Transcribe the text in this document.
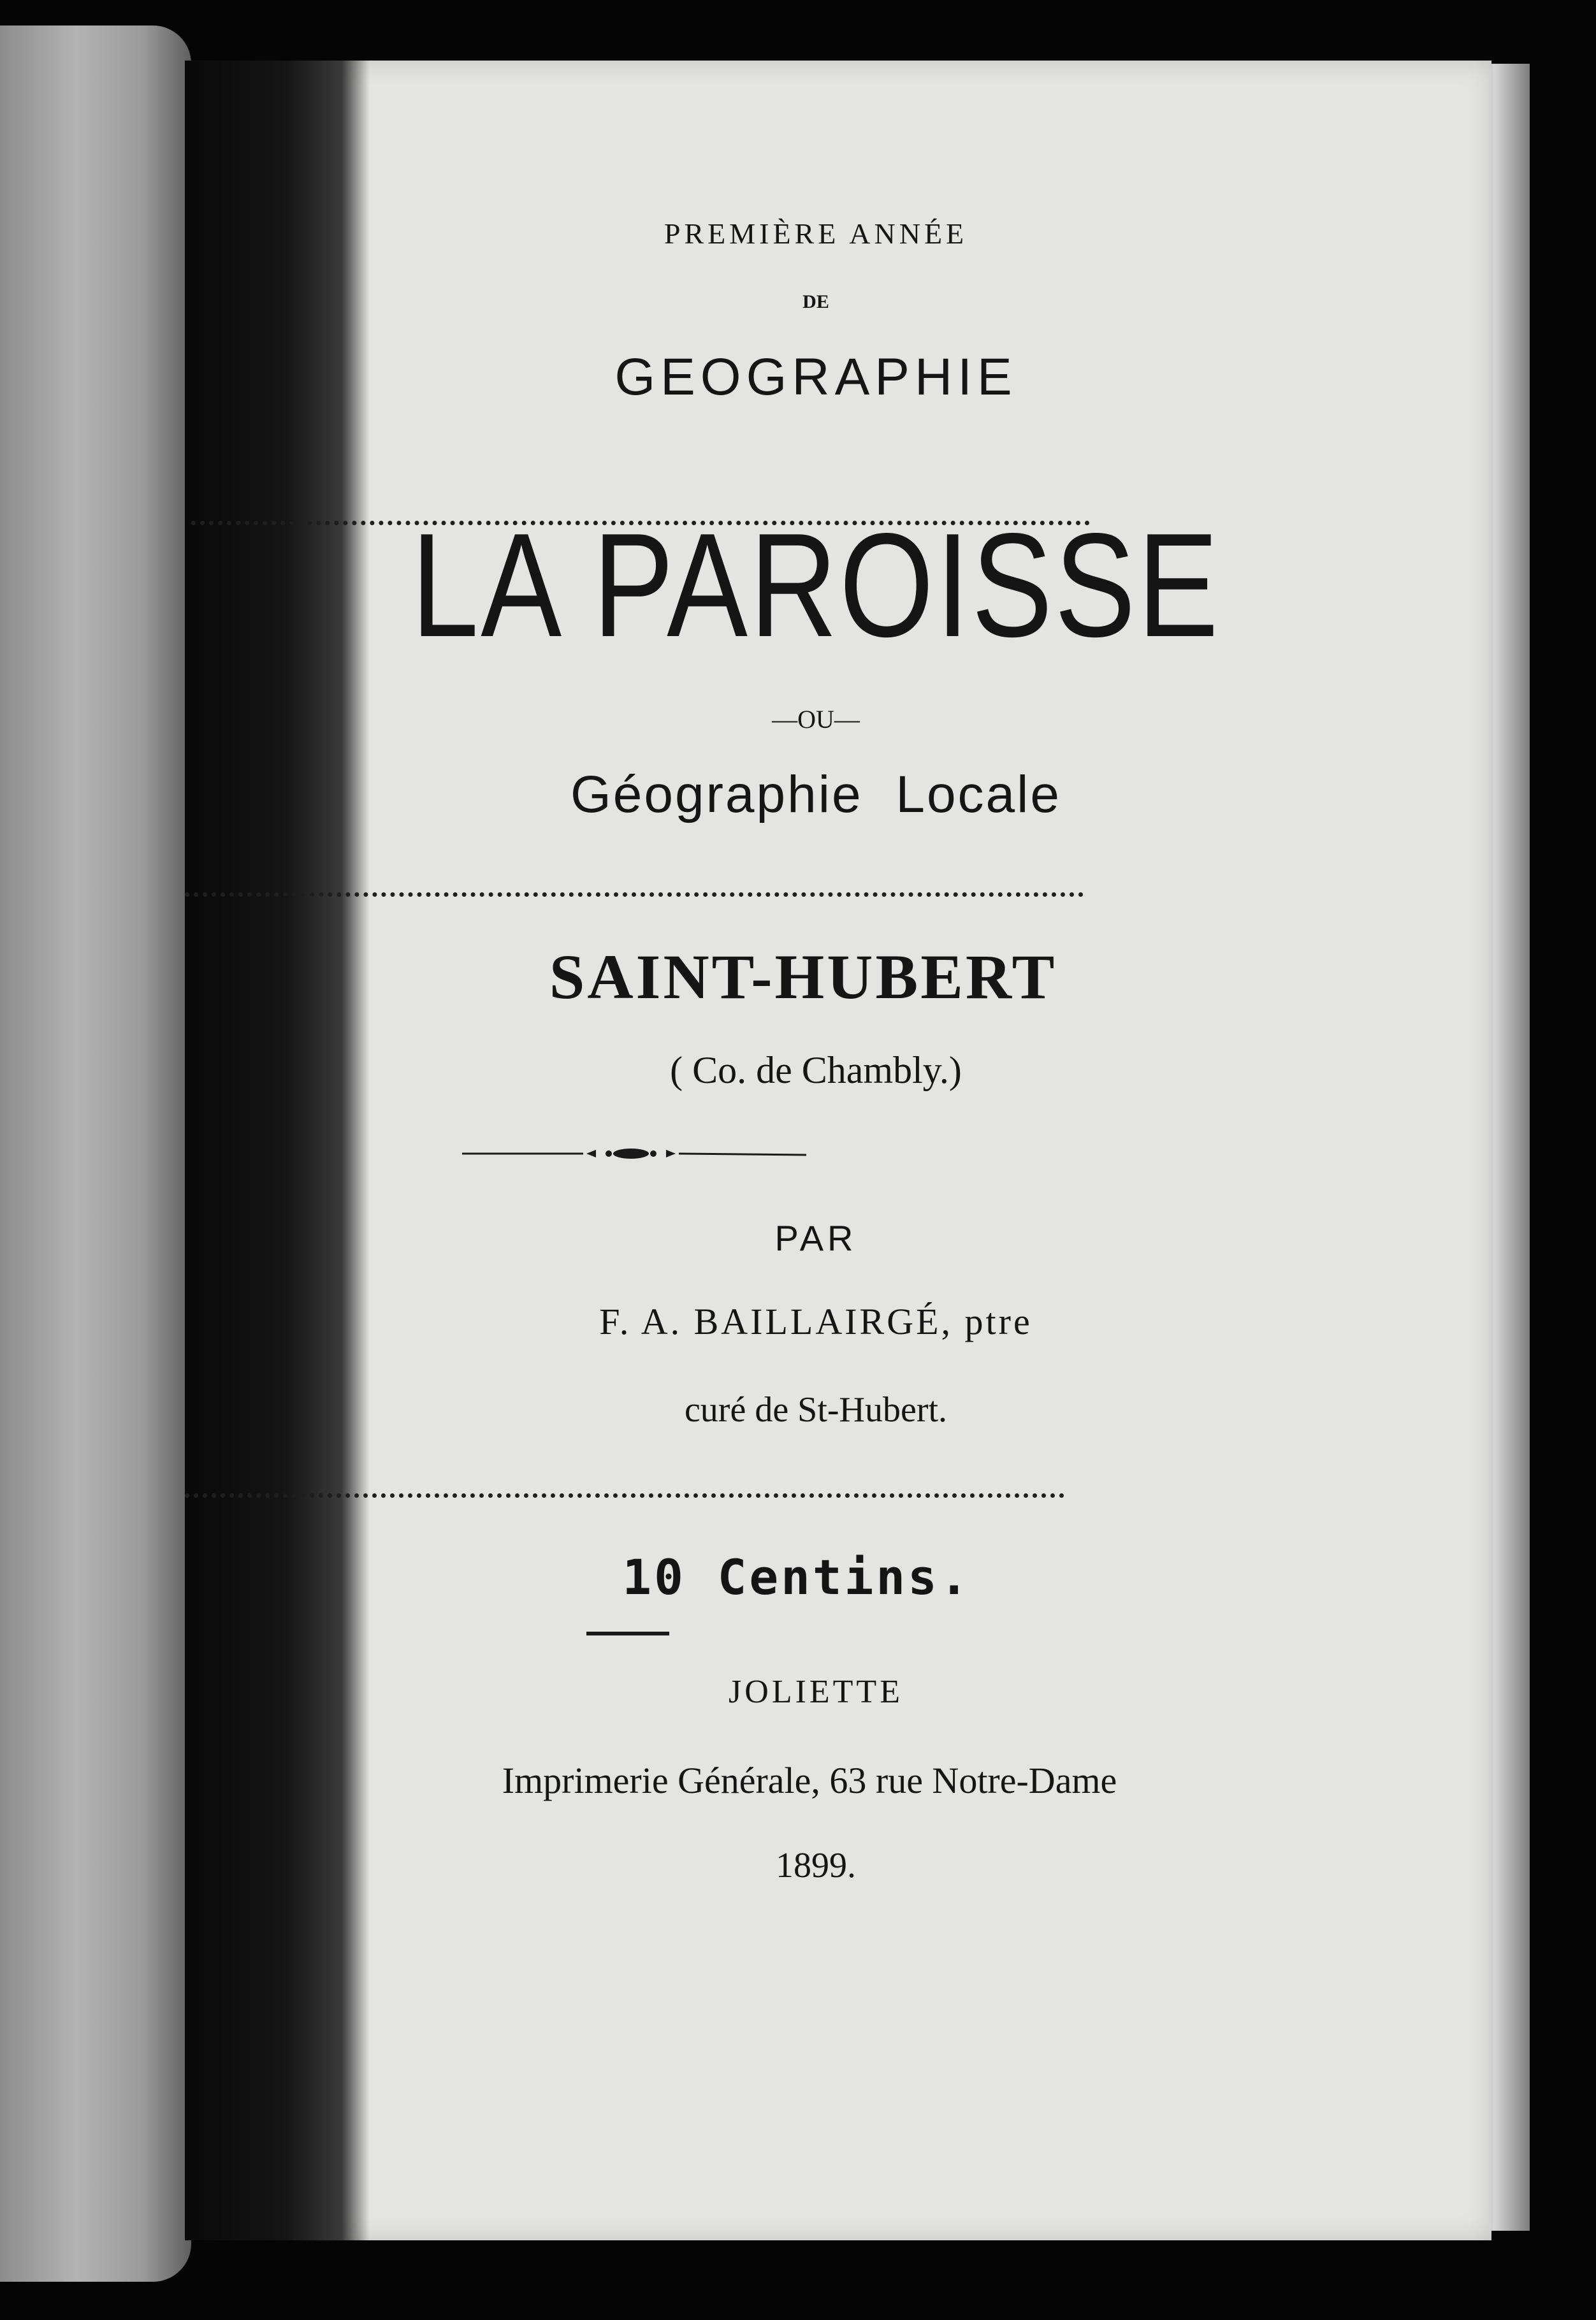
PREMIÈRE ANNÉE
DE
GEOGRAPHIE
LA PAROISSE
—OU—
Géographie Locale
SAINT-HUBERT
( Co. de Chambly.)
PAR
F. A. BAILLAIRGÉ, ptre
curé de St-Hubert.
10 Centins.
JOLIETTE
Imprimerie Générale, 63 rue Notre-Dame
1899.
